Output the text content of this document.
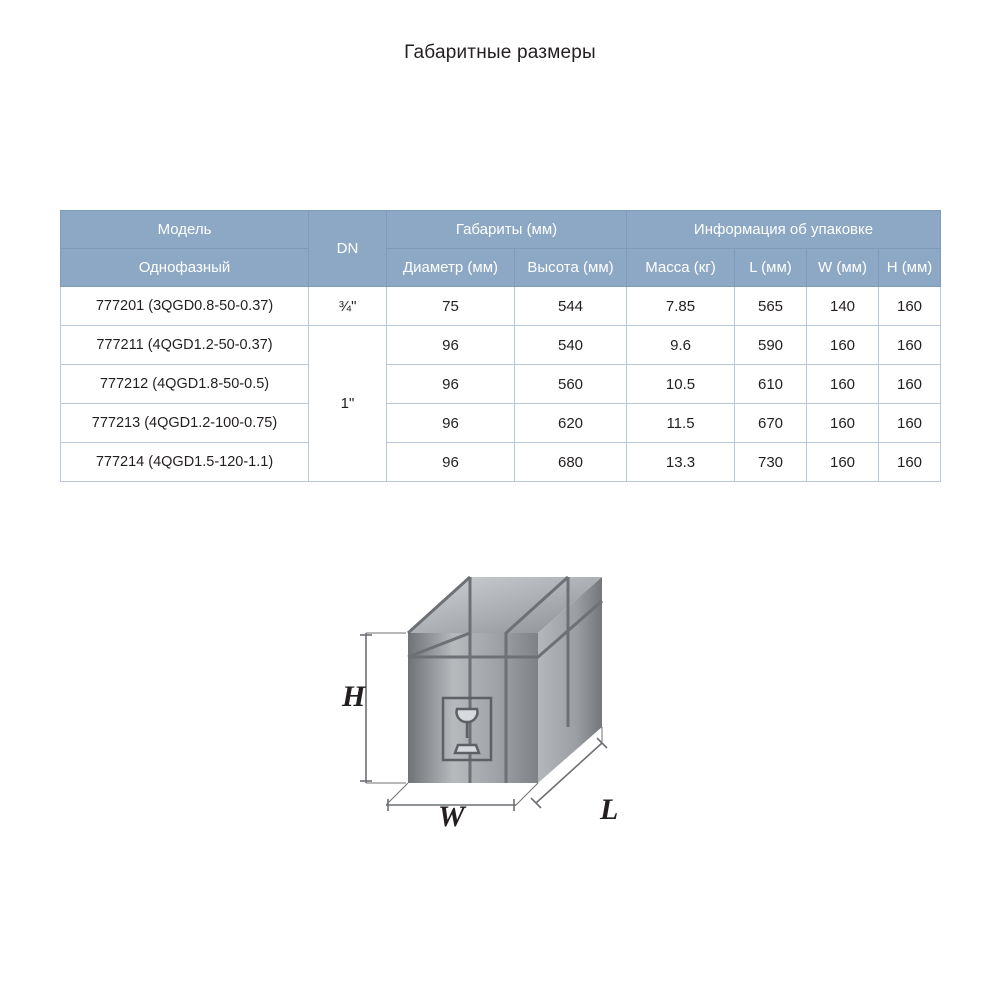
Габаритные размеры
Модель	DN	Габариты (мм)		Информация об упаковке			
Однофазный		Диаметр (мм)	Высота (мм)	Масса (кг)	L (мм)	W (мм)	H (мм)
777201 (3QGD0.8-50-0.37)	¾"	75	544	7.85	565	140	160
777211 (4QGD1.2-50-0.37)	1"	96	540	9.6	590	160	160
777212 (4QGD1.8-50-0.5)		96	560	10.5	610	160	160
777213 (4QGD1.2-100-0.75)		96	620	11.5	670	160	160
777214 (4QGD1.5-120-1.1)		96	680	13.3	730	160	160
H
W	L
